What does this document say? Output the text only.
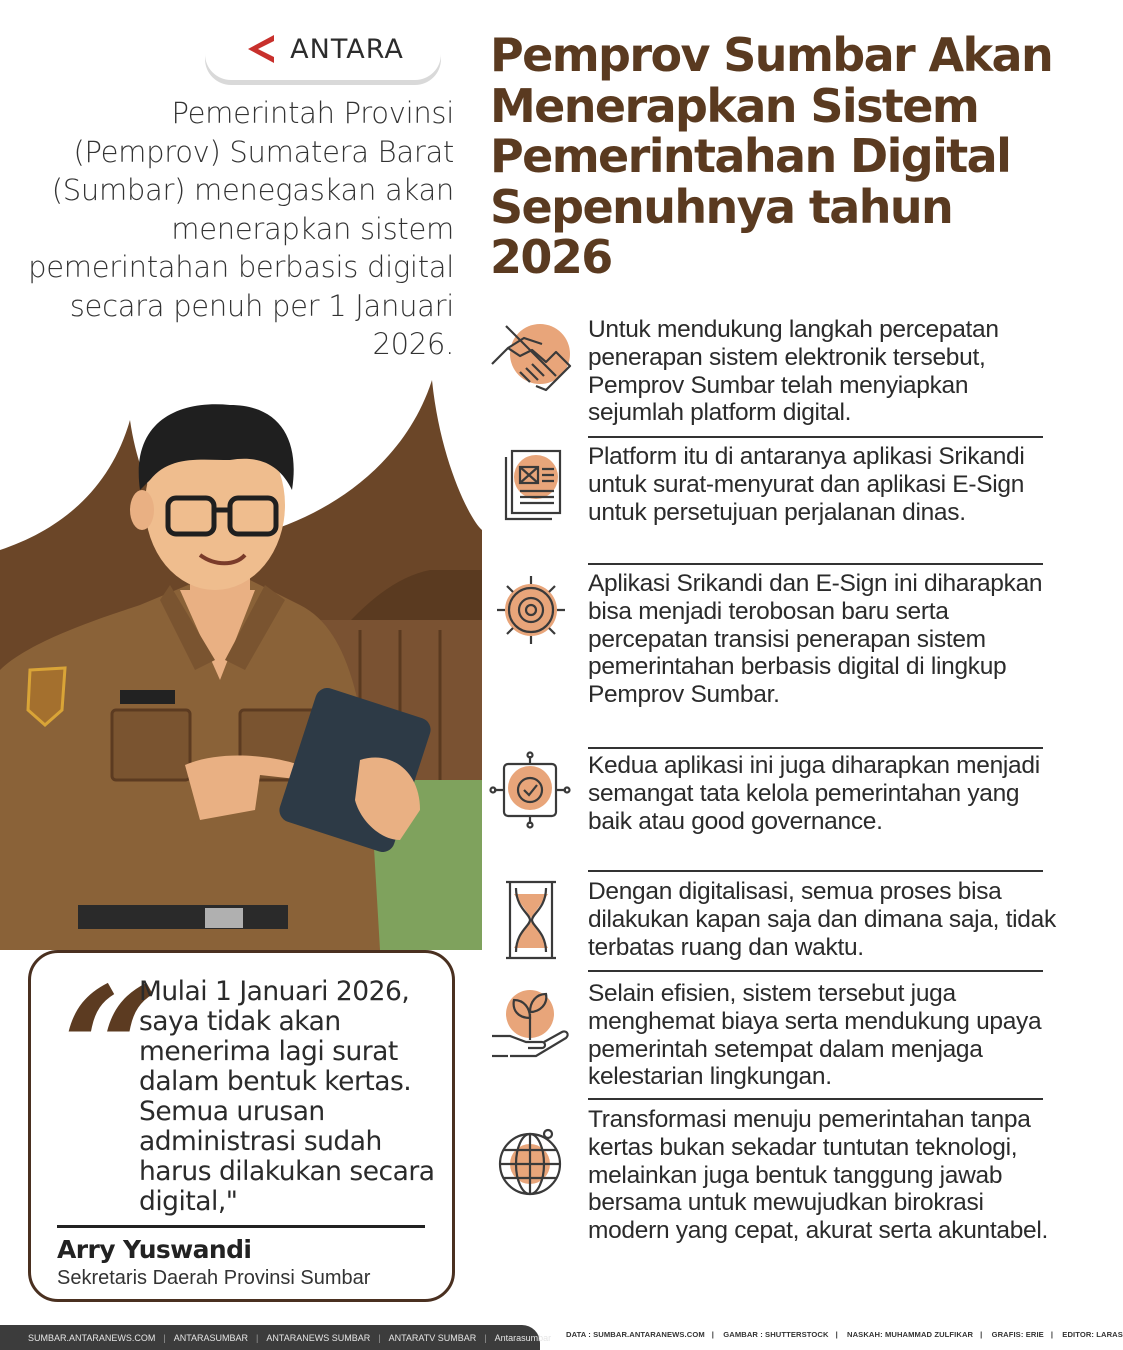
ANTARA
Pemerintah Provinsi (Pemprov) Sumatera Barat (Sumbar) menegaskan akan menerapkan sistem pemerintahan berbasis digital secara penuh per 1 Januari 2026.
Pemprov Sumbar Akan Menerapkan Sistem Pemerintahan Digital Sepenuhnya tahun 2026
“
Mulai 1 Januari 2026, saya tidak akan menerima lagi surat dalam bentuk kertas. Semua urusan administrasi sudah harus dilakukan secara digital,"
Arry Yuswandi
Sekretaris Daerah Provinsi Sumbar
Untuk mendukung langkah percepatan penerapan sistem elektronik tersebut, Pemprov Sumbar telah menyiapkan sejumlah platform digital.
Platform itu di antaranya aplikasi Srikandi untuk surat-menyurat dan aplikasi E-Sign untuk persetujuan perjalanan dinas.
Aplikasi Srikandi dan E-Sign ini diharapkan bisa menjadi terobosan baru serta percepatan transisi penerapan sistem pemerintahan berbasis digital di lingkup Pemprov Sumbar.
Kedua aplikasi ini juga diharapkan menjadi semangat tata kelola pemerintahan yang baik atau good governance.
Dengan digitalisasi, semua proses bisa dilakukan kapan saja dan dimana saja, tidak terbatas ruang dan waktu.
Selain efisien, sistem tersebut juga menghemat biaya serta mendukung upaya pemerintah setempat dalam menjaga kelestarian lingkungan.
Transformasi menuju pemerintahan tanpa kertas bukan sekadar tuntutan teknologi, melainkan juga bentuk tanggung jawab bersama untuk mewujudkan birokrasi modern yang cepat, akurat serta akuntabel.
SUMBAR.ANTARANEWS.COM | ANTARASUMBAR | ANTARANEWS SUMBAR | ANTARATV SUMBAR | Antarasumbar DATA : SUMBAR.ANTARANEWS.COM | GAMBAR : SHUTTERSTOCK | NASKAH: MUHAMMAD ZULFIKAR | GRAFIS: ERIE | EDITOR: LARAS
